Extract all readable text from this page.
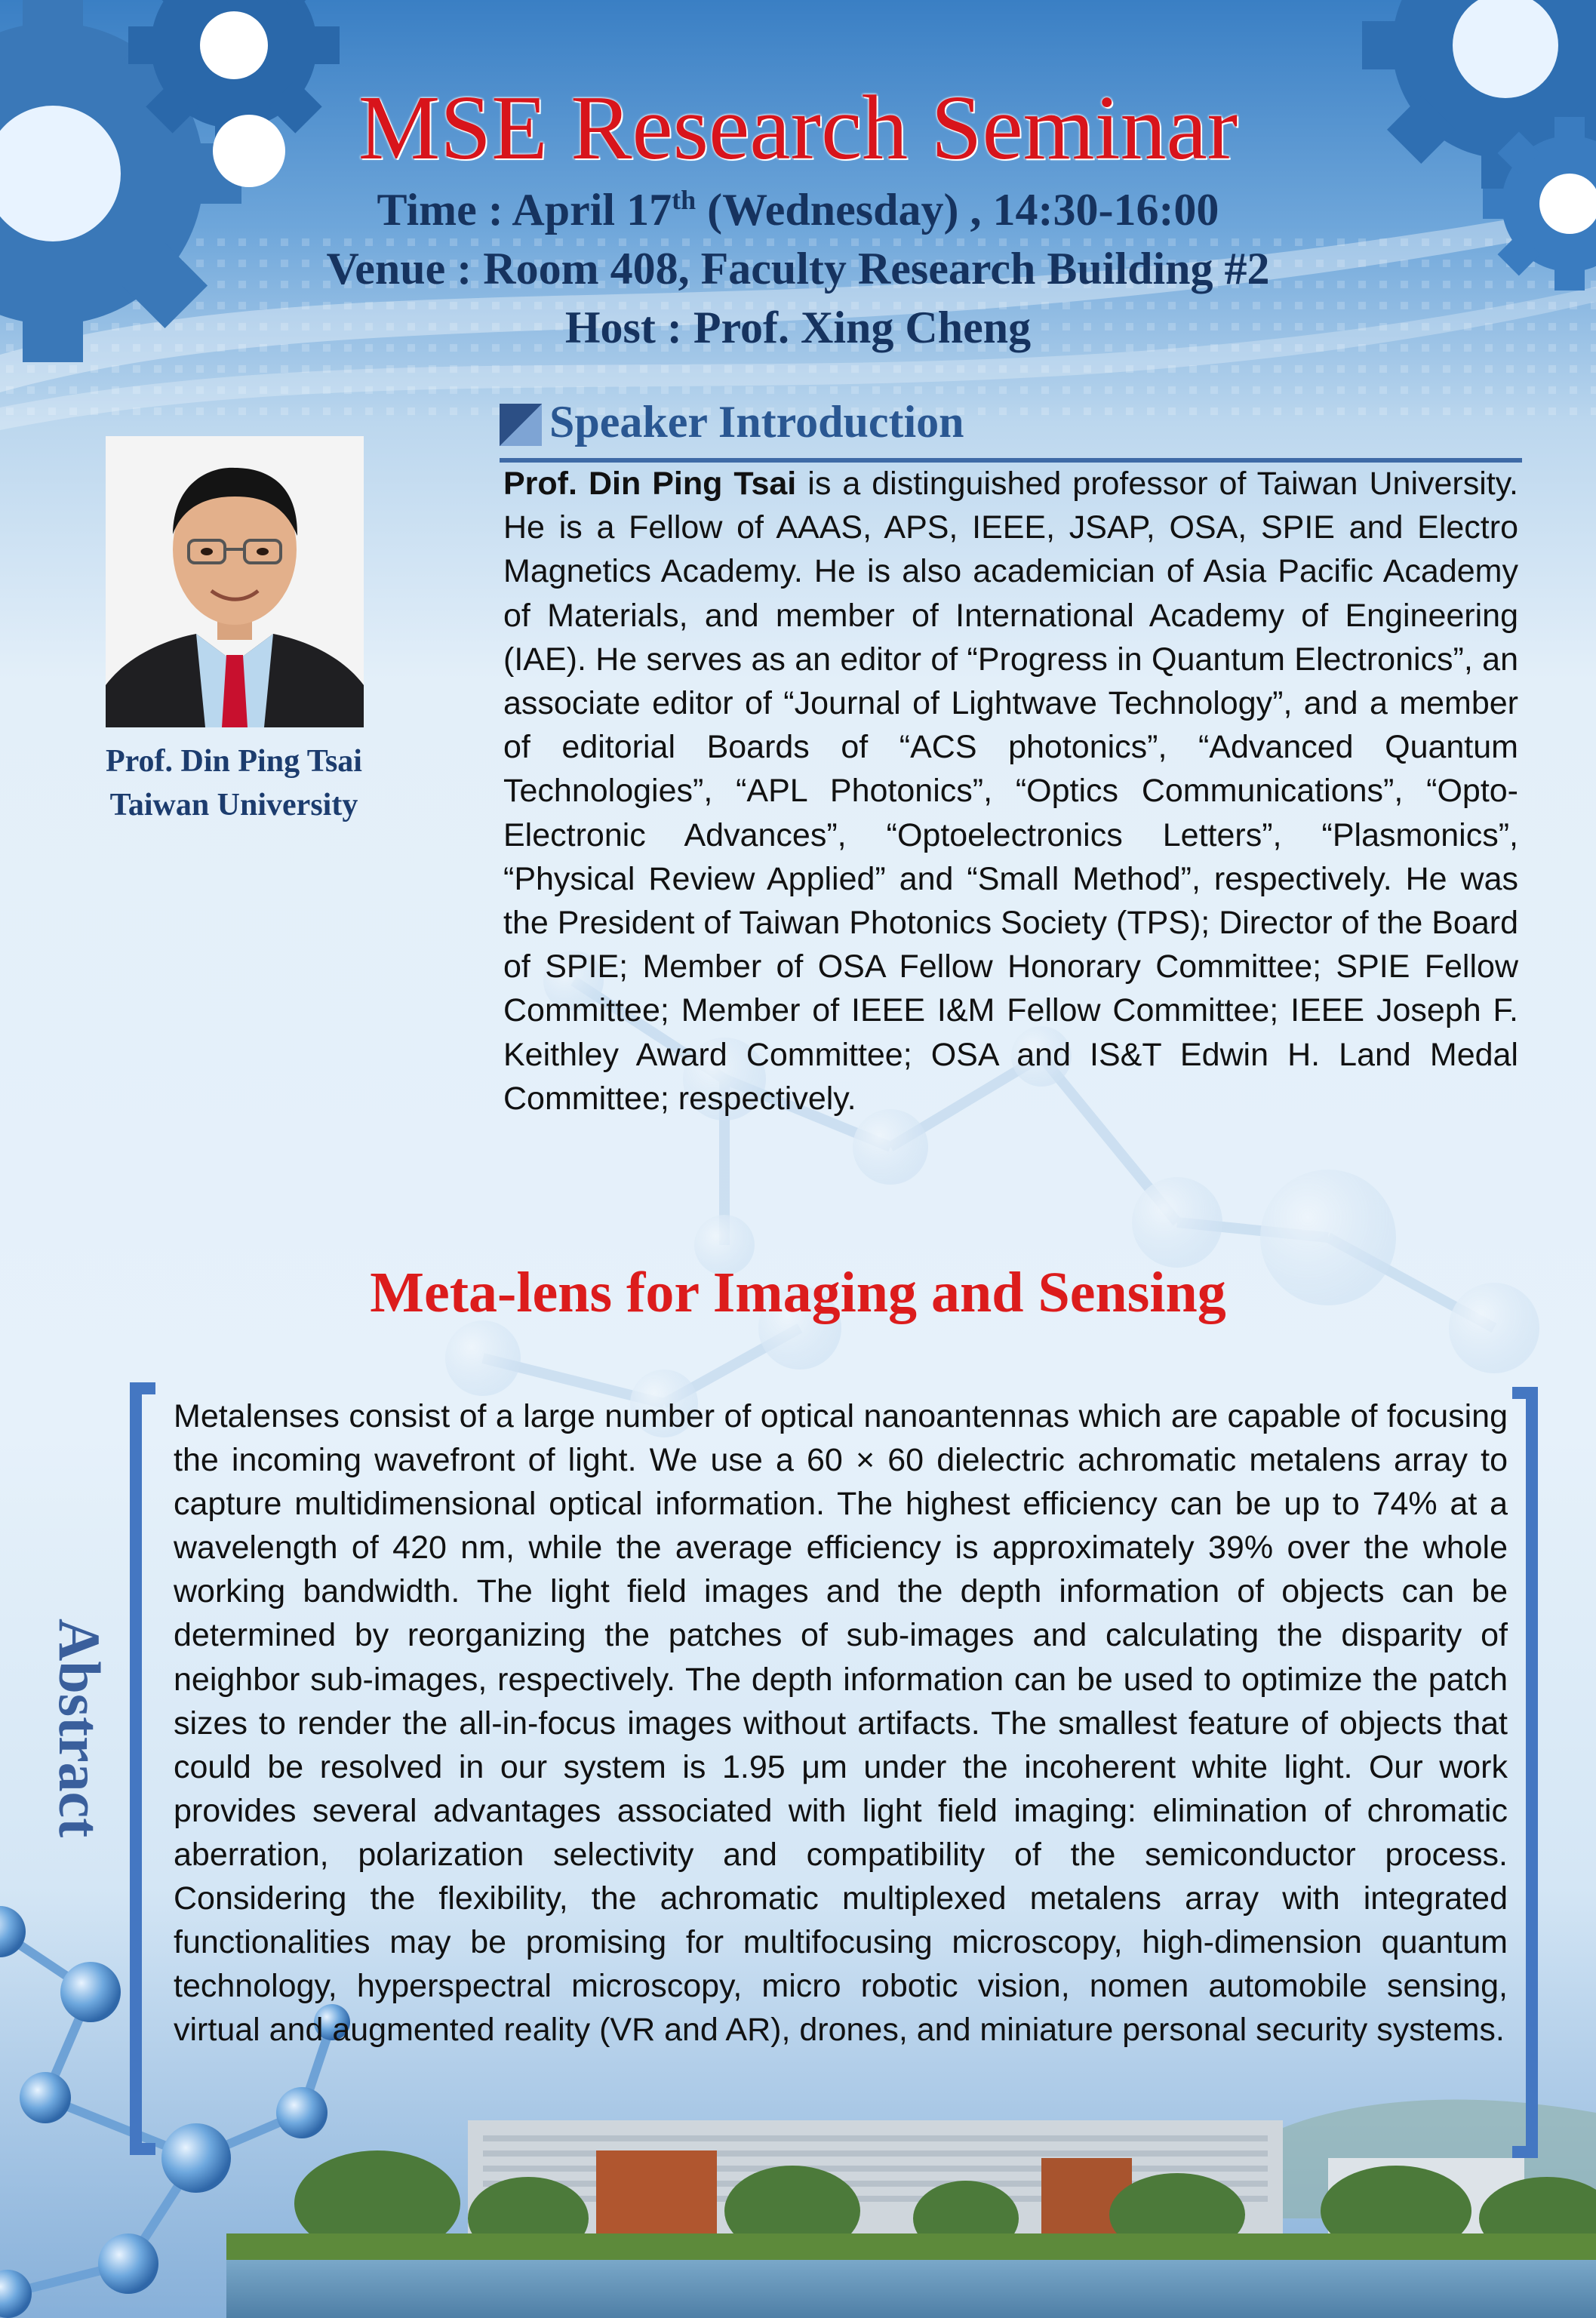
MSE Research Seminar
Time : April 17th (Wednesday) , 14:30-16:00
Venue : Room 408, Faculty Research Building #2
Host : Prof. Xing Cheng
Speaker Introduction
Prof. Din Ping Tsai
Taiwan University
Prof. Din Ping Tsai is a distinguished professor of Taiwan University. He is a Fellow of AAAS, APS, IEEE, JSAP, OSA, SPIE and Electro Magnetics Academy. He is also academician of Asia Pacific Academy of Materials, and member of International Academy of Engineering (IAE). He serves as an editor of “Progress in Quantum Electronics”, an associate editor of “Journal of Lightwave Technology”, and a member of editorial Boards of “ACS photonics”, “Advanced Quantum Technologies”, “APL Photonics”, “Optics Communications”, “Opto-Electronic Advances”, “Optoelectronics Letters”, “Plasmonics”, “Physical Review Applied” and “Small Method”, respectively. He was the President of Taiwan Photonics Society (TPS); Director of the Board of SPIE; Member of OSA Fellow Honorary Committee; SPIE Fellow Committee; Member of IEEE I&M Fellow Committee; IEEE Joseph F. Keithley Award Committee; OSA and IS&T Edwin H. Land Medal Committee; respectively.
Meta-lens for Imaging and Sensing
Abstract
Metalenses consist of a large number of optical nanoantennas which are capable of focusing the incoming wavefront of light. We use a 60 × 60 dielectric achromatic metalens array to capture multidimensional optical information. The highest efficiency can be up to 74% at a wavelength of 420 nm, while the average efficiency is approximately 39% over the whole working bandwidth. The light field images and the depth information of objects can be determined by reorganizing the patches of sub-images and calculating the disparity of neighbor sub-images, respectively. The depth information can be used to optimize the patch sizes to render the all-in-focus images without artifacts. The smallest feature of objects that could be resolved in our system is 1.95 μm under the incoherent white light. Our work provides several advantages associated with light field imaging: elimination of chromatic aberration, polarization selectivity and compatibility of the semiconductor process. Considering the flexibility, the achromatic multiplexed metalens array with integrated functionalities may be promising for multifocusing microscopy, high-dimension quantum technology, hyperspectral microscopy, micro robotic vision, nomen automobile sensing, virtual and augmented reality (VR and AR), drones, and miniature personal security systems.
